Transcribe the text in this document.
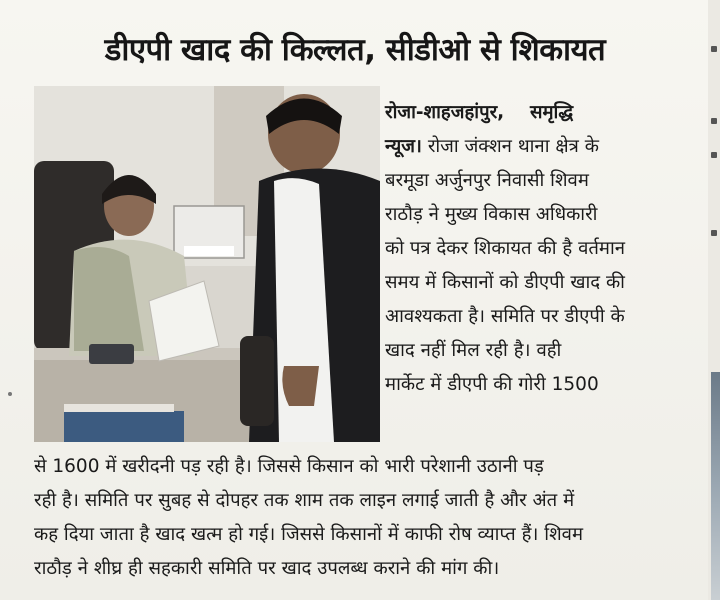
डीएपी खाद की किल्लत, सीडीओ से शिकायत
रोजा-शाहजहांपुर,    समृद्धि
न्यूज। रोजा जंक्शन थाना क्षेत्र के
बरमूडा अर्जुनपुर निवासी शिवम
राठौड़ ने मुख्य विकास अधिकारी
को पत्र देकर शिकायत की है वर्तमान
समय में किसानों को डीएपी खाद की
आवश्यकता है। समिति पर डीएपी के
खाद नहीं मिल रही है। वही
मार्केट में डीएपी की गोरी 1500
से 1600 में खरीदनी पड़ रही है। जिससे किसान को भारी परेशानी उठानी पड़
रही है। समिति पर सुबह से दोपहर तक शाम तक लाइन लगाई जाती है और अंत में
कह दिया जाता है खाद खत्म हो गई। जिससे किसानों में काफी रोष व्याप्त हैं। शिवम
राठौड़ ने शीघ्र ही सहकारी समिति पर खाद उपलब्ध कराने की मांग की।
